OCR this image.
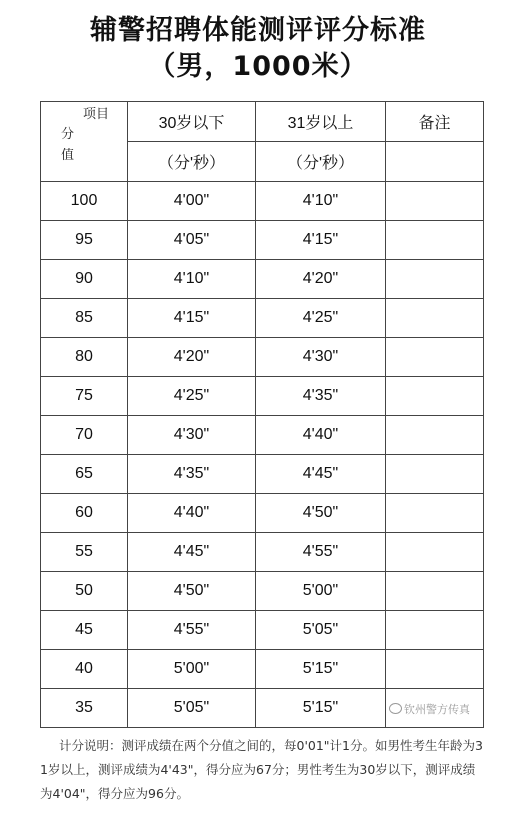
辅警招聘体能测评评分标准
（男，1000米）
项目
分
值	30岁以下	31岁以上	备注
	（分'秒）	（分'秒）	
100	4'00"	4'10"	
95	4'05"	4'15"	
90	4'10"	4'20"	
85	4'15"	4'25"	
80	4'20"	4'30"	
75	4'25"	4'35"	
70	4'30"	4'40"	
65	4'35"	4'45"	
60	4'40"	4'50"	
55	4'45"	4'55"	
50	4'50"	5'00"	
45	4'55"	5'05"	
40	5'00"	5'15"	
35	5'05"	5'15"	钦州警方传真
计分说明：测评成绩在两个分值之间的，每0'01"计1分。如男性考生年龄为31岁以上，测评成绩为4'43"，得分应为67分；男性考生为30岁以下，测评成绩为4'04"，得分应为96分。
